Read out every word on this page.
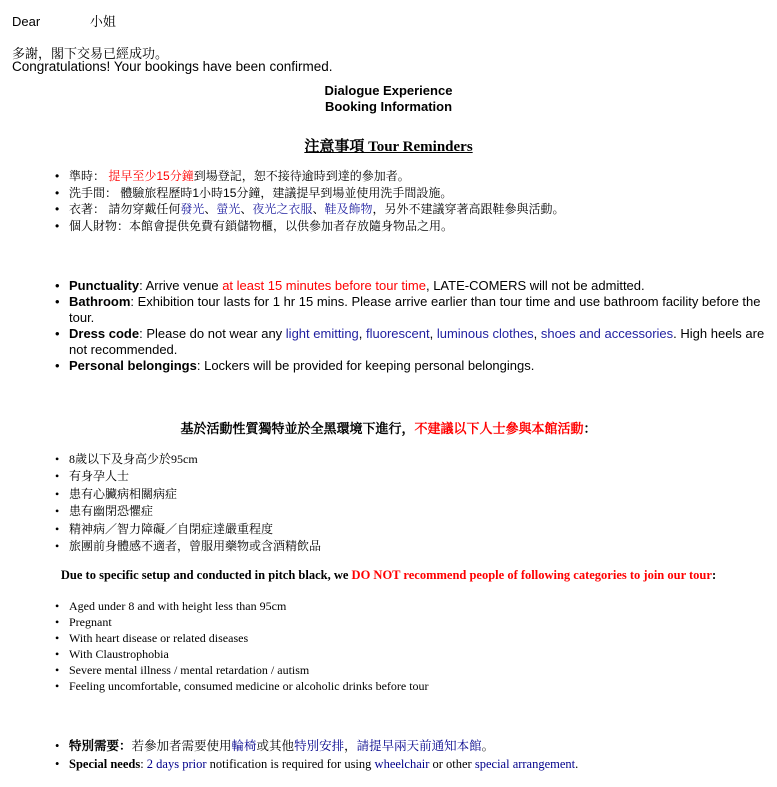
Dear	小姐
多謝，閣下交易已經成功。
Congratulations! Your bookings have been confirmed.
Dialogue Experience
Booking Information
注意事項 Tour Reminders
• 準時： 提早至少15分鐘到場登記，恕不接待逾時到達的參加者。
• 洗手間： 體驗旅程歷時1小時15分鐘，建議提早到場並使用洗手間設施。
• 衣著： 請勿穿戴任何發光、螢光、夜光之衣服、鞋及飾物，另外不建議穿著高跟鞋參與活動。
• 個人財物：本館會提供免費有鎖儲物櫃，以供參加者存放隨身物品之用。
• Punctuality: Arrive venue at least 15 minutes before tour time, LATE-COMERS will not be admitted.
• Bathroom: Exhibition tour lasts for 1 hr 15 mins. Please arrive earlier than tour time and use bathroom facility before the tour.
• Dress code: Please do not wear any light emitting, fluorescent, luminous clothes, shoes and accessories. High heels are not recommended.
• Personal belongings: Lockers will be provided for keeping personal belongings.
基於活動性質獨特並於全黑環境下進行，不建議以下人士參與本館活動：
• 8歲以下及身高少於95cm
• 有身孕人士
• 患有心臟病相關病症
• 患有幽閉恐懼症
• 精神病／智力障礙／自閉症達嚴重程度
• 旅團前身體感不適者，曾服用藥物或含酒精飲品
Due to specific setup and conducted in pitch black, we DO NOT recommend people of following categories to join our tour:
• Aged under 8 and with height less than 95cm
• Pregnant
• With heart disease or related diseases
• With Claustrophobia
• Severe mental illness / mental retardation / autism
• Feeling uncomfortable, consumed medicine or alcoholic drinks before tour
• 特別需要：若參加者需要使用輪椅或其他特別安排，請提早兩天前通知本館。
• Special needs: 2 days prior notification is required for using wheelchair or other special arrangement.
